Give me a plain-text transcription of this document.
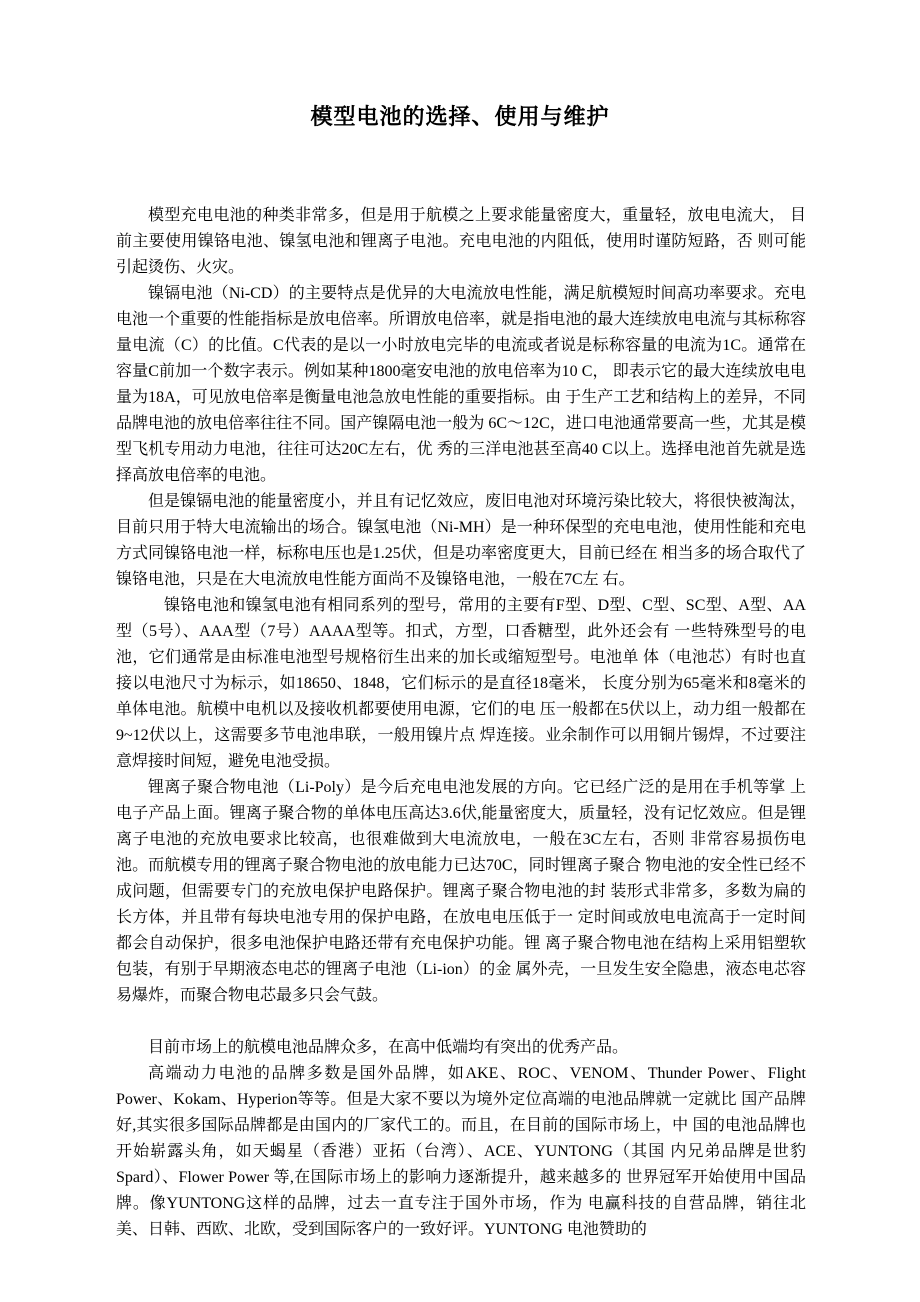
模型电池的选择、使用与维护

模型充电电池的种类非常多，但是用于航模之上要求能量密度大，重量轻，放电电流大， 目前主要使用镍铬电池、镍氢电池和锂离子电池。充电电池的内阻低，使用时谨防短路，否 则可能引起烫伤、火灾。

镍镉电池（Ni-CD）的主要特点是优异的大电流放电性能，满足航模短时间高功率要求。充电电池一个重要的性能指标是放电倍率。所谓放电倍率，就是指电池的最大连续放电电流与其标称容量电流（C）的比值。C代表的是以一小时放电完毕的电流或者说是标称容量的电流为1C。通常在容量C前加一个数字表示。例如某种1800毫安电池的放电倍率为10 C， 即表示它的最大连续放电电量为18A，可见放电倍率是衡量电池急放电性能的重要指标。由 于生产工艺和结构上的差异，不同品牌电池的放电倍率往往不同。国产镍隔电池一般为 6C～12C，进口电池通常要高一些，尤其是模型飞机专用动力电池，往往可达20C左右，优 秀的三洋电池甚至高40 C以上。选择电池首先就是选择高放电倍率的电池。

但是镍镉电池的能量密度小，并且有记忆效应，废旧电池对环境污染比较大，将很快被淘汰，目前只用于特大电流输出的场合。镍氢电池（Ni-MH）是一种环保型的充电电池，使用性能和充电方式同镍铬电池一样，标称电压也是1.25伏，但是功率密度更大，目前已经在 相当多的场合取代了镍铬电池，只是在大电流放电性能方面尚不及镍铬电池，一般在7C左 右。

镍铬电池和镍氢电池有相同系列的型号，常用的主要有F型、D型、C型、SC型、A型、AA型（5号）、AAA型（7号）AAAA型等。扣式，方型，口香糖型，此外还会有 一些特殊型号的电池，它们通常是由标准电池型号规格衍生出来的加长或缩短型号。电池单 体（电池芯）有时也直接以电池尺寸为标示，如18650、1848，它们标示的是直径18毫米， 长度分别为65毫米和8毫米的单体电池。航模中电机以及接收机都要使用电源，它们的电 压一般都在5伏以上，动力组一般都在9~12伏以上，这需要多节电池串联，一般用镍片点 焊连接。业余制作可以用铜片锡焊，不过要注意焊接时间短，避免电池受损。

锂离子聚合物电池（Li-Poly）是今后充电电池发展的方向。它已经广泛的是用在手机等掌 上电子产品上面。锂离子聚合物的单体电压高达3.6伏,能量密度大，质量轻，没有记忆效应。但是锂离子电池的充放电要求比较高，也很难做到大电流放电，一般在3C左右，否则 非常容易损伤电池。而航模专用的锂离子聚合物电池的放电能力已达70C，同时锂离子聚合 物电池的安全性已经不成问题，但需要专门的充放电保护电路保护。锂离子聚合物电池的封 装形式非常多，多数为扁的长方体，并且带有每块电池专用的保护电路，在放电电压低于一 定时间或放电电流高于一定时间都会自动保护，很多电池保护电路还带有充电保护功能。锂 离子聚合物电池在结构上采用铝塑软包装，有别于早期液态电芯的锂离子电池（Li-ion）的金 属外壳，一旦发生安全隐患，液态电芯容易爆炸，而聚合物电芯最多只会气鼓。

目前市场上的航模电池品牌众多，在高中低端均有突出的优秀产品。

高端动力电池的品牌多数是国外品牌，如AKE、ROC、VENOM、Thunder Power、Flight Power、Kokam、Hyperion等等。但是大家不要以为境外定位高端的电池品牌就一定就比 国产品牌好,其实很多国际品牌都是由国内的厂家代工的。而且，在目前的国际市场上，中 国的电池品牌也开始崭露头角，如天蝎星（香港）亚拓（台湾）、ACE、YUNTONG（其国 内兄弟品牌是世豹Spard）、Flower Power 等,在国际市场上的影响力逐渐提升，越来越多的 世界冠军开始使用中国品牌。像YUNTONG这样的品牌，过去一直专注于国外市场，作为 电赢科技的自营品牌，销往北美、日韩、西欧、北欧，受到国际客户的一致好评。YUNTONG 电池赞助的
